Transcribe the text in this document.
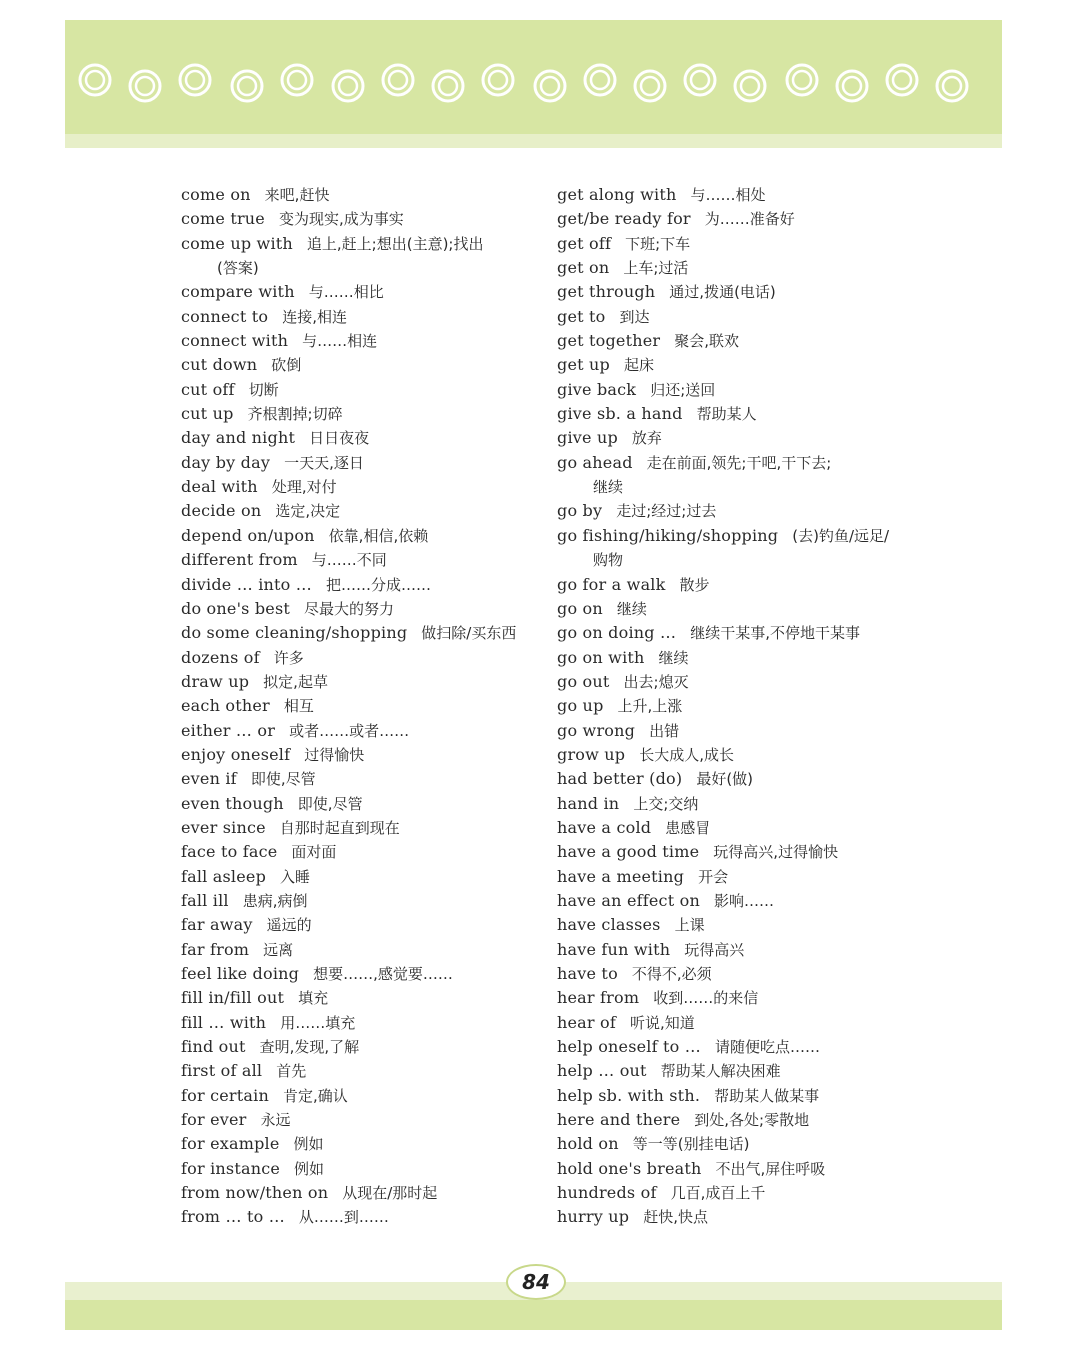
come on 来吧,赶快
come true 变为现实,成为事实
come up with 追上,赶上;想出(主意);找出
(答案)
compare with 与……相比
connect to 连接,相连
connect with 与……相连
cut down 砍倒
cut off 切断
cut up 齐根割掉;切碎
day and night 日日夜夜
day by day 一天天,逐日
deal with 处理,对付
decide on 选定,决定
depend on/upon 依靠,相信,依赖
different from 与……不同
divide … into … 把……分成……
do one's best 尽最大的努力
do some cleaning/shopping 做扫除/买东西
dozens of 许多
draw up 拟定,起草
each other 相互
either … or 或者……或者……
enjoy oneself 过得愉快
even if 即使,尽管
even though 即使,尽管
ever since 自那时起直到现在
face to face 面对面
fall asleep 入睡
fall ill 患病,病倒
far away 遥远的
far from 远离
feel like doing 想要……,感觉要……
fill in/fill out 填充
fill … with 用……填充
find out 查明,发现,了解
first of all 首先
for certain 肯定,确认
for ever 永远
for example 例如
for instance 例如
from now/then on 从现在/那时起
from … to … 从……到……
get along with 与……相处
get/be ready for 为……准备好
get off 下班;下车
get on 上车;过活
get through 通过,拨通(电话)
get to 到达
get together 聚会,联欢
get up 起床
give back 归还;送回
give sb. a hand 帮助某人
give up 放弃
go ahead 走在前面,领先;干吧,干下去;
继续
go by 走过;经过;过去
go fishing/hiking/shopping (去)钓鱼/远足/
购物
go for a walk 散步
go on 继续
go on doing … 继续干某事,不停地干某事
go on with 继续
go out 出去;熄灭
go up 上升,上涨
go wrong 出错
grow up 长大成人,成长
had better (do) 最好(做)
hand in 上交;交纳
have a cold 患感冒
have a good time 玩得高兴,过得愉快
have a meeting 开会
have an effect on 影响……
have classes 上课
have fun with 玩得高兴
have to 不得不,必须
hear from 收到……的来信
hear of 听说,知道
help oneself to … 请随便吃点……
help … out 帮助某人解决困难
help sb. with sth. 帮助某人做某事
here and there 到处,各处;零散地
hold on 等一等(别挂电话)
hold one's breath 不出气,屏住呼吸
hundreds of 几百,成百上千
hurry up 赶快,快点
84
